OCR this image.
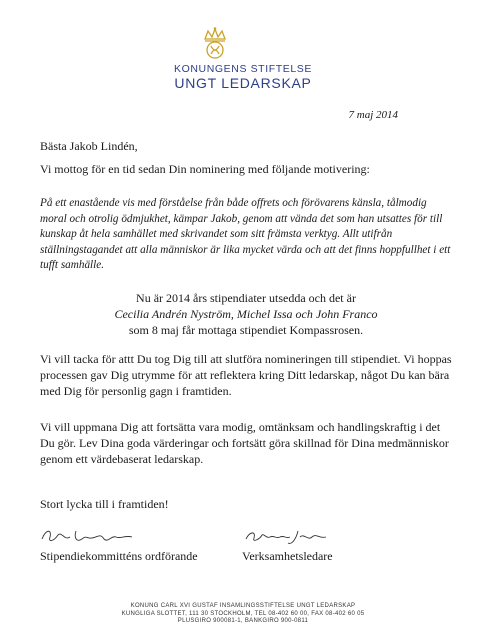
KONUNGENS STIFTELSE
UNGT LEDARSKAP
7 maj 2014
Bästa Jakob Lindén,
Vi mottog för en tid sedan Din nominering med följande motivering:
På ett enastående vis med förståelse från både offrets och förövarens känsla, tålmodig moral och otrolig ödmjukhet, kämpar Jakob, genom att vända det som han utsattes för till kunskap åt hela samhället med skrivandet som sitt främsta verktyg. Allt utifrån ställningstagandet att alla människor är lika mycket värda och att det finns hoppfullhet i ett tufft samhälle.
Nu är 2014 års stipendiater utsedda och det är
Cecilia Andrén Nyström, Michel Issa och John Franco
som 8 maj får mottaga stipendiet Kompassrosen.
Vi vill tacka för attt Du tog Dig till att slutföra nomineringen till stipendiet. Vi hoppas processen gav Dig utrymme för att reflektera kring Ditt ledarskap, något Du kan bära med Dig för personlig gagn i framtiden.
Vi vill uppmana Dig att fortsätta vara modig, omtänksam och handlingskraftig i det Du gör. Lev Dina goda värderingar och fortsätt göra skillnad för Dina medmänniskor genom ett värdebaserat ledarskap.
Stort lycka till i framtiden!
Stipendiekommitténs ordförande	Verksamhetsledare
KONUNG CARL XVI GUSTAF INSAMLINGSSTIFTELSE UNGT LEDARSKAP
KUNGLIGA SLOTTET, 111 30 STOCKHOLM, TEL 08-402 60 00, FAX 08-402 60 05
PLUSGIRO 900081-1, BANKGIRO 900-0811
